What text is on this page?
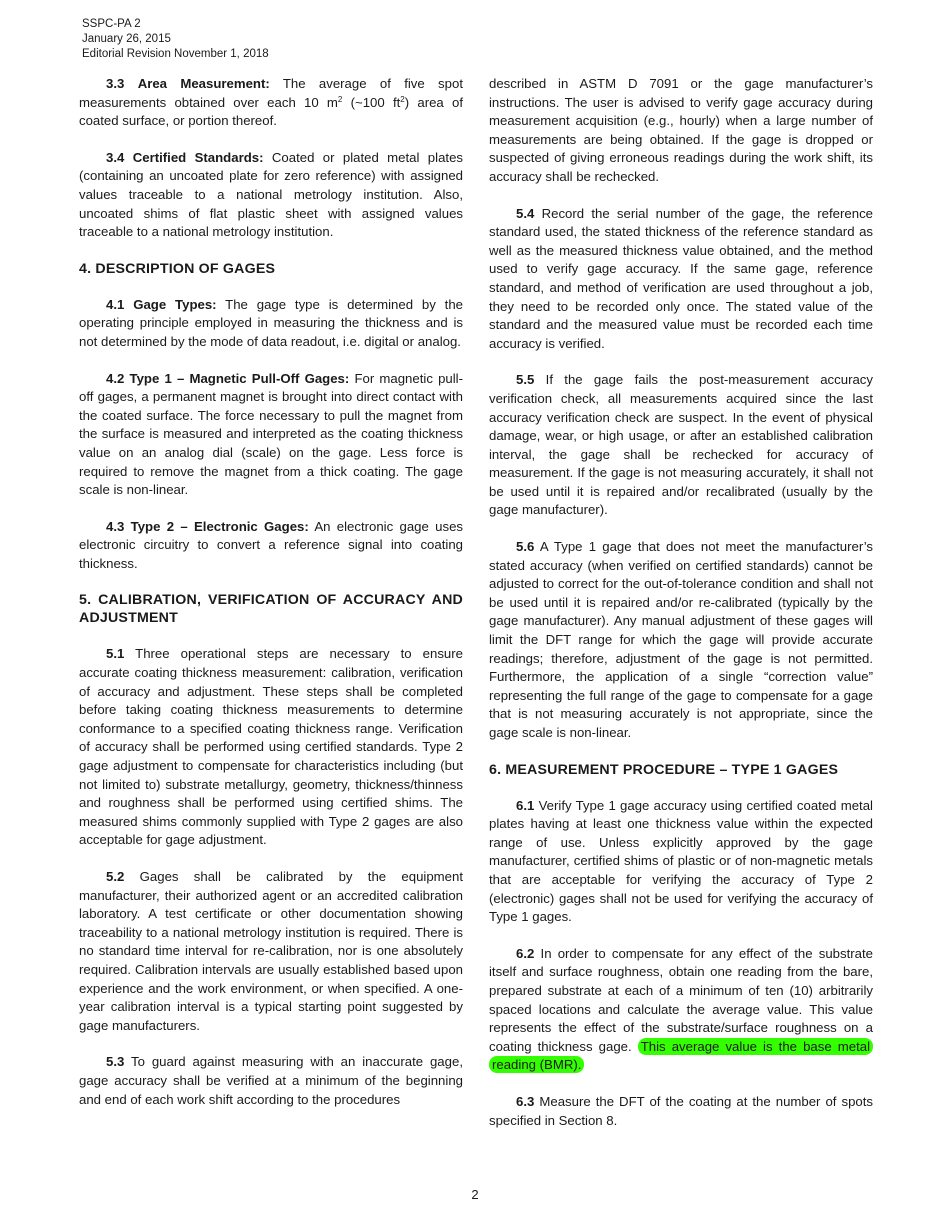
SSPC-PA 2
January 26, 2015
Editorial Revision November 1, 2018

3.3 Area Measurement: The average of five spot measurements obtained over each 10 $m^2$ (~100 $ft^2$) area of coated surface, or portion thereof.

3.4 Certified Standards: Coated or plated metal plates (containing an uncoated plate for zero reference) with assigned values traceable to a national metrology institution. Also, uncoated shims of flat plastic sheet with assigned values traceable to a national metrology institution.

4. DESCRIPTION OF GAGES

4.1 Gage Types: The gage type is determined by the operating principle employed in measuring the thickness and is not determined by the mode of data readout, i.e. digital or analog.

4.2 Type 1 – Magnetic Pull-Off Gages: For magnetic pull-off gages, a permanent magnet is brought into direct contact with the coated surface. The force necessary to pull the magnet from the surface is measured and interpreted as the coating thickness value on an analog dial (scale) on the gage. Less force is required to remove the magnet from a thick coating. The gage scale is non-linear.

4.3 Type 2 – Electronic Gages: An electronic gage uses electronic circuitry to convert a reference signal into coating thickness.

5. CALIBRATION, VERIFICATION OF ACCURACY AND ADJUSTMENT

5.1 Three operational steps are necessary to ensure accurate coating thickness measurement: calibration, verification of accuracy and adjustment. These steps shall be completed before taking coating thickness measurements to determine conformance to a specified coating thickness range. Verification of accuracy shall be performed using certified standards. Type 2 gage adjustment to compensate for characteristics including (but not limited to) substrate metallurgy, geometry, thickness/thinness and roughness shall be performed using certified shims. The measured shims commonly supplied with Type 2 gages are also acceptable for gage adjustment.

5.2 Gages shall be calibrated by the equipment manufacturer, their authorized agent or an accredited calibration laboratory. A test certificate or other documentation showing traceability to a national metrology institution is required. There is no standard time interval for re-calibration, nor is one absolutely required. Calibration intervals are usually established based upon experience and the work environment, or when specified. A one-year calibration interval is a typical starting point suggested by gage manufacturers.

5.3 To guard against measuring with an inaccurate gage, gage accuracy shall be verified at a minimum of the beginning and end of each work shift according to the procedures

described in ASTM D 7091 or the gage manufacturer’s instructions. The user is advised to verify gage accuracy during measurement acquisition (e.g., hourly) when a large number of measurements are being obtained. If the gage is dropped or suspected of giving erroneous readings during the work shift, its accuracy shall be rechecked.

5.4 Record the serial number of the gage, the reference standard used, the stated thickness of the reference standard as well as the measured thickness value obtained, and the method used to verify gage accuracy. If the same gage, reference standard, and method of verification are used throughout a job, they need to be recorded only once. The stated value of the standard and the measured value must be recorded each time accuracy is verified.

5.5 If the gage fails the post-measurement accuracy verification check, all measurements acquired since the last accuracy verification check are suspect. In the event of physical damage, wear, or high usage, or after an established calibration interval, the gage shall be rechecked for accuracy of measurement. If the gage is not measuring accurately, it shall not be used until it is repaired and/or recalibrated (usually by the gage manufacturer).

5.6 A Type 1 gage that does not meet the manufacturer’s stated accuracy (when verified on certified standards) cannot be adjusted to correct for the out-of-tolerance condition and shall not be used until it is repaired and/or re-calibrated (typically by the gage manufacturer). Any manual adjustment of these gages will limit the DFT range for which the gage will provide accurate readings; therefore, adjustment of the gage is not permitted. Furthermore, the application of a single “correction value” representing the full range of the gage to compensate for a gage that is not measuring accurately is not appropriate, since the gage scale is non-linear.

6. MEASUREMENT PROCEDURE – TYPE 1 GAGES

6.1 Verify Type 1 gage accuracy using certified coated metal plates having at least one thickness value within the expected range of use. Unless explicitly approved by the gage manufacturer, certified shims of plastic or of non-magnetic metals that are acceptable for verifying the accuracy of Type 2 (electronic) gages shall not be used for verifying the accuracy of Type 1 gages.

6.2 In order to compensate for any effect of the substrate itself and surface roughness, obtain one reading from the bare, prepared substrate at each of a minimum of ten (10) arbitrarily spaced locations and calculate the average value. This value represents the effect of the substrate/surface roughness on a coating thickness gage. This average value is the base metal reading (BMR).

6.3 Measure the DFT of the coating at the number of spots specified in Section 8.

2
